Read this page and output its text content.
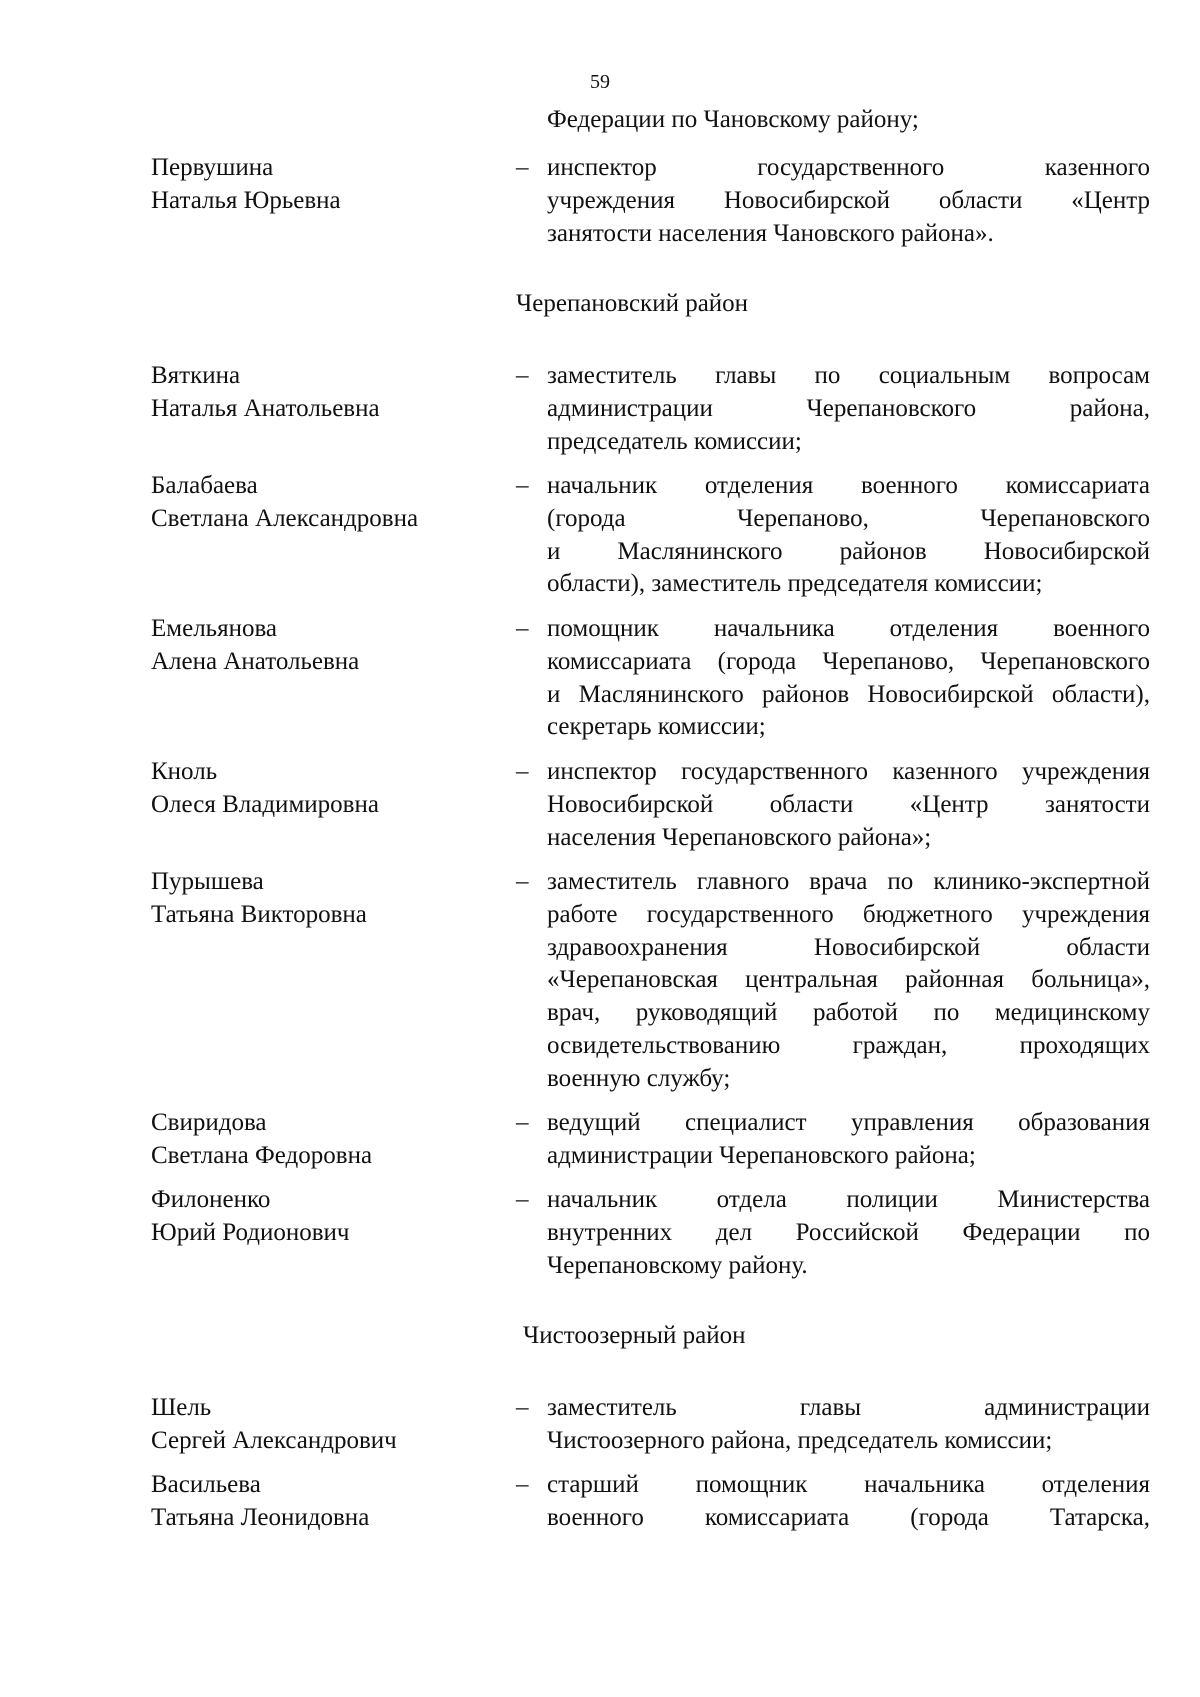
59
Федерации по Чановскому району;
Первушина
Наталья Юрьевна
– инспектор государственного казенного
учреждения Новосибирской области «Центр
занятости населения Чановского района».
Черепановский район
Вяткина
Наталья Анатольевна
– заместитель главы по социальным вопросам
администрации Черепановского района,
председатель комиссии;
Балабаева
Светлана Александровна
– начальник отделения военного комиссариата
(города Черепаново, Черепановского
и Маслянинского районов Новосибирской
области), заместитель председателя комиссии;
Емельянова
Алена Анатольевна
– помощник начальника отделения военного
комиссариата (города Черепаново, Черепановского
и Маслянинского районов Новосибирской области),
секретарь комиссии;
Кноль
Олеся Владимировна
– инспектор государственного казенного учреждения
Новосибирской области «Центр занятости
населения Черепановского района»;
Пурышева
Татьяна Викторовна
– заместитель главного врача по клинико-экспертной
работе государственного бюджетного учреждения
здравоохранения Новосибирской области
«Черепановская центральная районная больница»,
врач, руководящий работой по медицинскому
освидетельствованию граждан, проходящих
военную службу;
Свиридова
Светлана Федоровна
– ведущий специалист управления образования
администрации Черепановского района;
Филоненко
Юрий Родионович
– начальник отдела полиции Министерства
внутренних дел Российской Федерации по
Черепановскому району.
Чистоозерный район
Шель
Сергей Александрович
– заместитель главы администрации
Чистоозерного района, председатель комиссии;
Васильева
Татьяна Леонидовна
– старший помощник начальника отделения
военного комиссариата (города Татарска,
